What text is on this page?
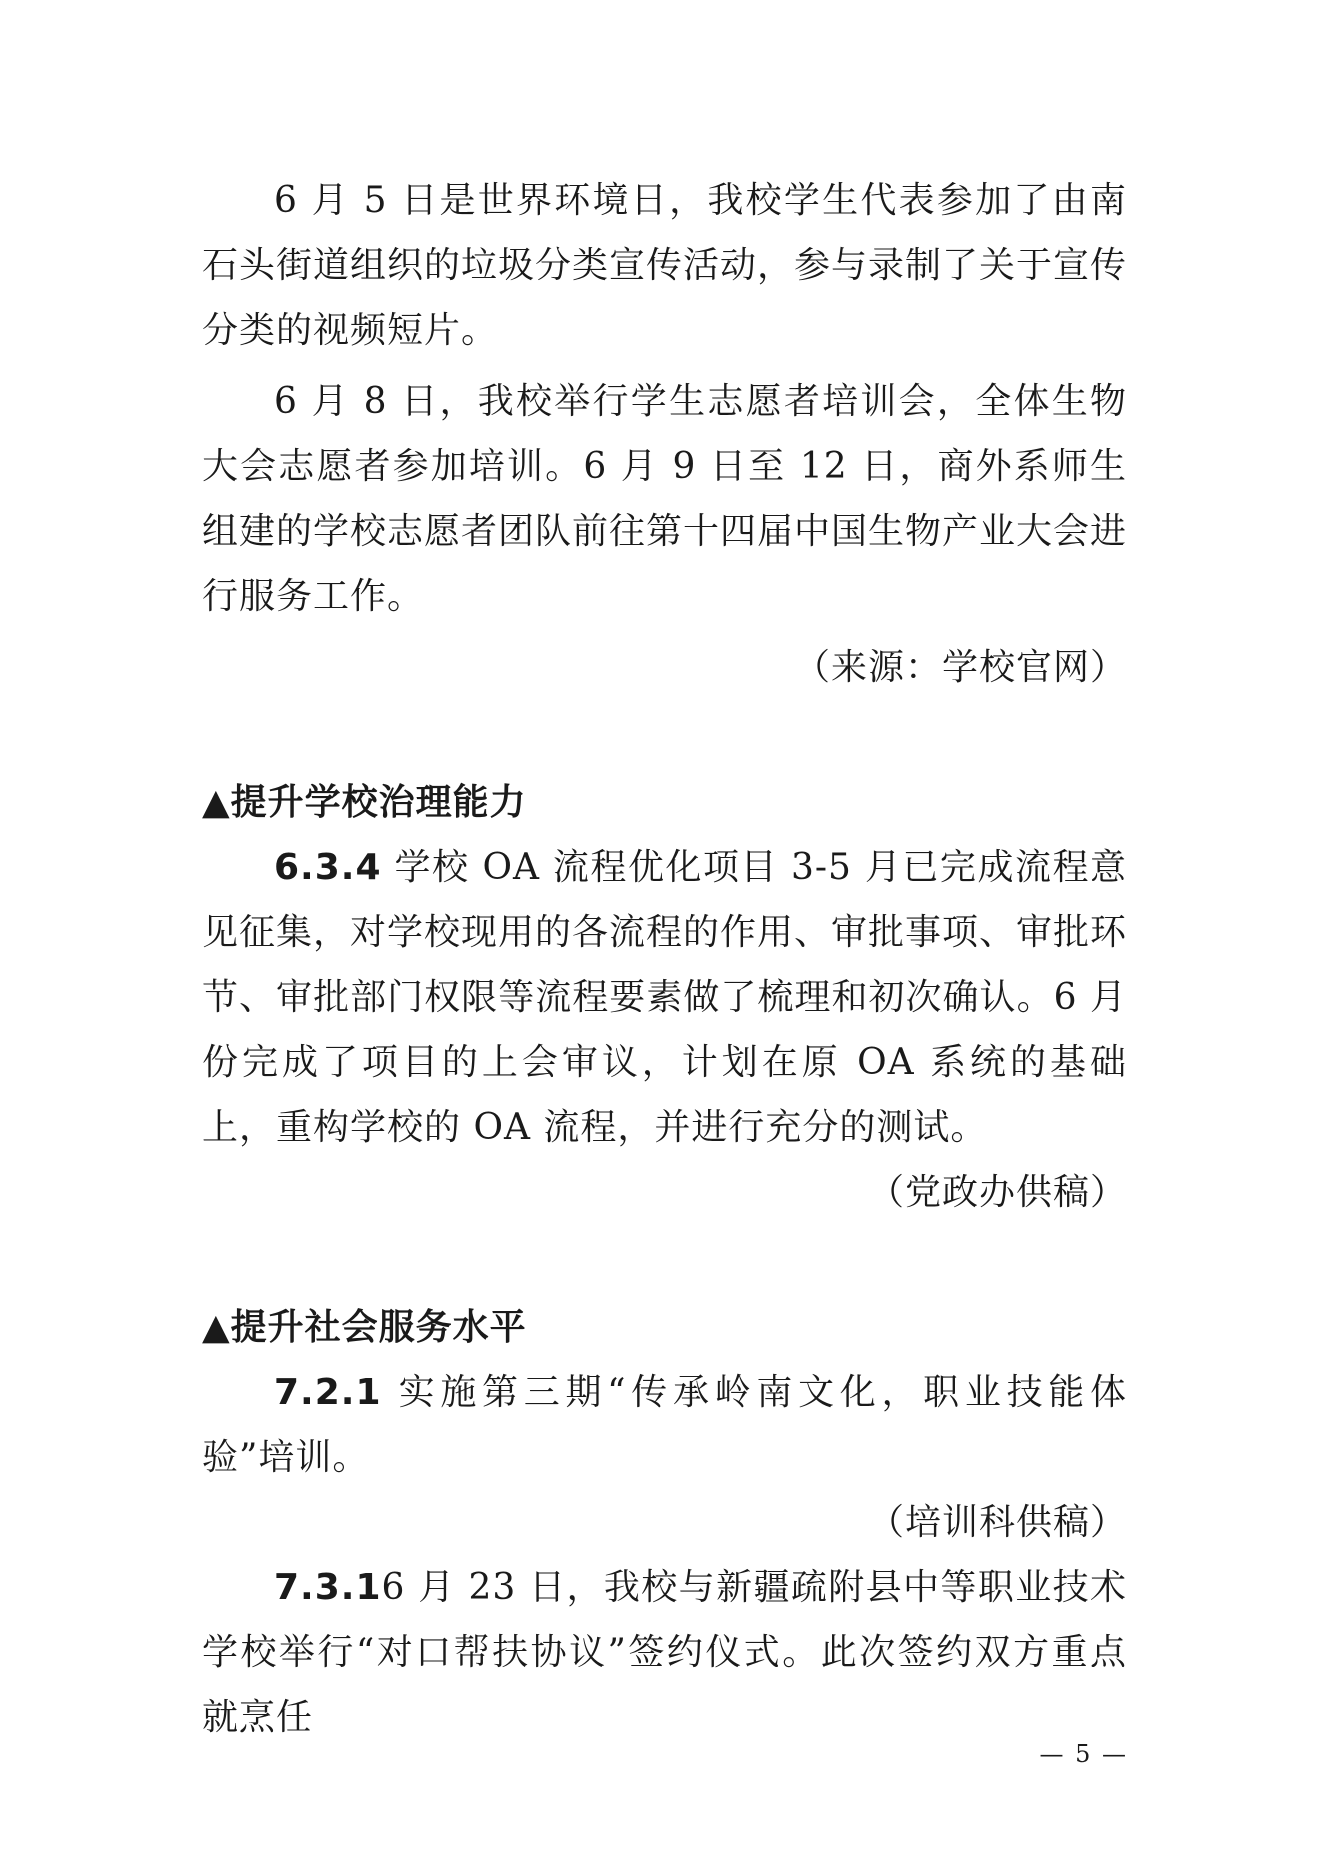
6 月 5 日是世界环境日，我校学生代表参加了由南石头街道组织的垃圾分类宣传活动，参与录制了关于宣传分类的视频短片。

6 月 8 日，我校举行学生志愿者培训会，全体生物大会志愿者参加培训。6 月 9 日至 12 日，商外系师生组建的学校志愿者团队前往第十四届中国生物产业大会进行服务工作。

（来源：学校官网）

▲提升学校治理能力

6.3.4 学校 OA 流程优化项目 3-5 月已完成流程意见征集，对学校现用的各流程的作用、审批事项、审批环节、审批部门权限等流程要素做了梳理和初次确认。6 月份完成了项目的上会审议，计划在原 OA 系统的基础上，重构学校的 OA 流程，并进行充分的测试。

（党政办供稿）

▲提升社会服务水平

7.2.1 实施第三期“传承岭南文化，职业技能体验”培训。

（培训科供稿）

7.3.16 月 23 日，我校与新疆疏附县中等职业技术学校举行“对口帮扶协议”签约仪式。此次签约双方重点就烹任

— 5 —
